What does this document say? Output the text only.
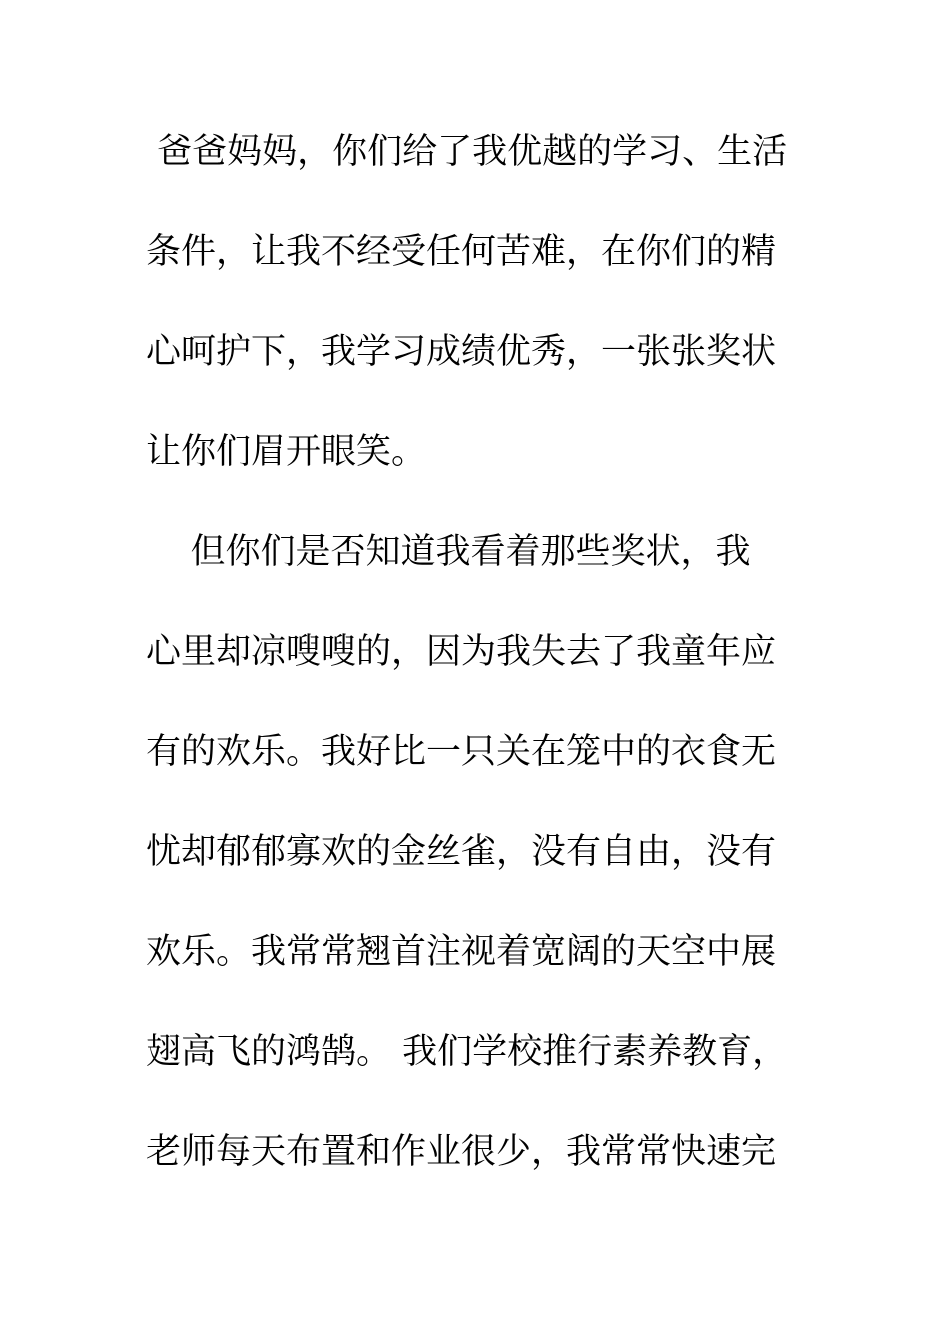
爸爸妈妈，你们给了我优越的学习、生活

条件，让我不经受任何苦难，在你们的精

心呵护下，我学习成绩优秀，一张张奖状

让你们眉开眼笑。

但你们是否知道我看着那些奖状，我

心里却凉嗖嗖的，因为我失去了我童年应

有的欢乐。我好比一只关在笼中的衣食无

忧却郁郁寡欢的金丝雀，没有自由，没有

欢乐。我常常翘首注视着宽阔的天空中展

翅高飞的鸿鹄。 我们学校推行素养教育，

老师每天布置和作业很少，我常常快速完
